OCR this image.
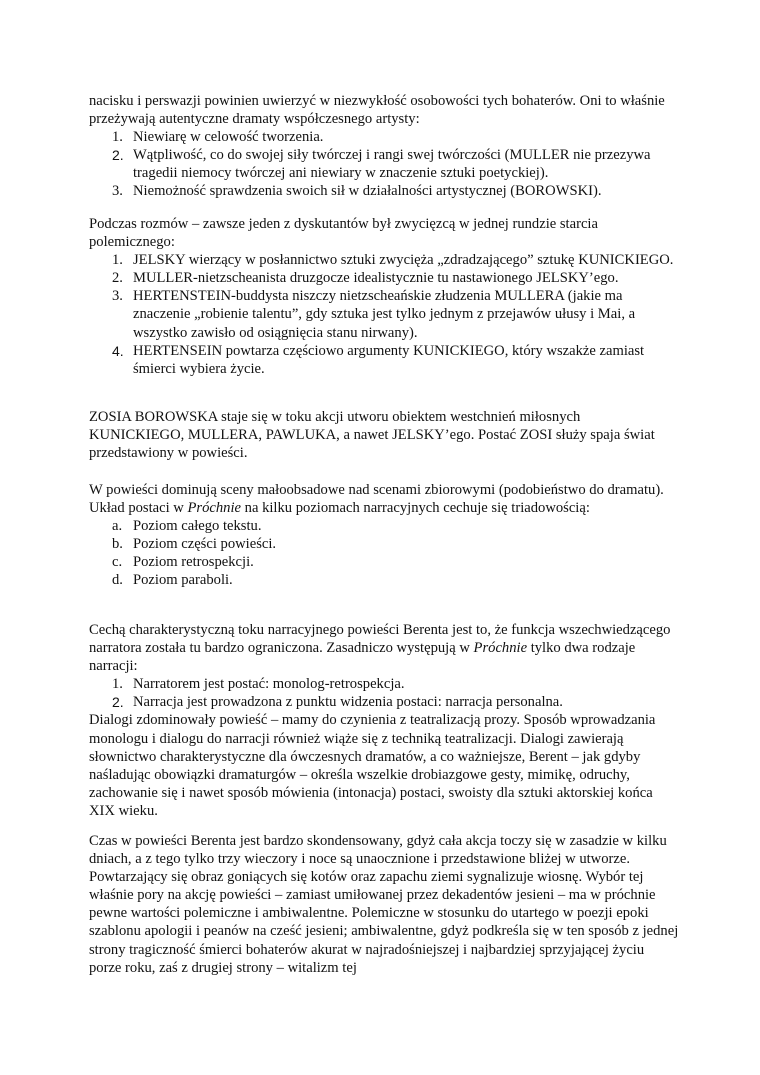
nacisku i perswazji powinien uwierzyć w niezwykłość osobowości tych bohaterów. Oni to właśnie przeżywają autentyczne dramaty współczesnego artysty:

1. Niewiarę w celowość tworzenia.
2. Wątpliwość, co do swojej siły twórczej i rangi swej twórczości (MULLER nie przezywa tragedii niemocy twórczej ani niewiary w znaczenie sztuki poetyckiej).
3. Niemożność sprawdzenia swoich sił w działalności artystycznej (BOROWSKI).

Podczas rozmów – zawsze jeden z dyskutantów był zwycięzcą w jednej rundzie starcia polemicznego:

1. JELSKY wierzący w posłannictwo sztuki zwycięża „zdradzającego” sztukę KUNICKIEGO.
2. MULLER-nietzscheanista druzgocze idealistycznie tu nastawionego JELSKY’ego.
3. HERTENSTEIN-buddysta niszczy nietzscheańskie złudzenia MULLERA (jakie ma znaczenie „robienie talentu”, gdy sztuka jest tylko jednym z przejawów ułusy i Mai, a wszystko zawisło od osiągnięcia stanu nirwany).
4. HERTENSEIN powtarza częściowo argumenty KUNICKIEGO, który wszakże zamiast śmierci wybiera życie.

ZOSIA BOROWSKA staje się w toku akcji utworu obiektem westchnień miłosnych KUNICKIEGO, MULLERA, PAWLUKA, a nawet JELSKY’ego. Postać ZOSI służy spaja świat przedstawiony w powieści.

W powieści dominują sceny małoobsadowe nad scenami zbiorowymi (podobieństwo do dramatu). Układ postaci w Próchnie na kilku poziomach narracyjnych cechuje się triadowością:

a. Poziom całego tekstu.
b. Poziom części powieści.
c. Poziom retrospekcji.
d. Poziom paraboli.

Cechą charakterystyczną toku narracyjnego powieści Berenta jest to, że funkcja wszechwiedzącego narratora została tu bardzo ograniczona. Zasadniczo występują w Próchnie tylko dwa rodzaje narracji:

1. Narratorem jest postać: monolog-retrospekcja.
2. Narracja jest prowadzona z punktu widzenia postaci: narracja personalna.

Dialogi zdominowały powieść – mamy do czynienia z teatralizacją prozy. Sposób wprowadzania monologu i dialogu do narracji również wiąże się z techniką teatralizacji. Dialogi zawierają słownictwo charakterystyczne dla ówczesnych dramatów, a co ważniejsze, Berent – jak gdyby naśladując obowiązki dramaturgów – określa wszelkie drobiazgowe gesty, mimikę, odruchy, zachowanie się i nawet sposób mówienia (intonacja) postaci, swoisty dla sztuki aktorskiej końca XIX wieku.

Czas w powieści Berenta jest bardzo skondensowany, gdyż cała akcja toczy się w zasadzie w kilku dniach, a z tego tylko trzy wieczory i noce są unaocznione i przedstawione bliżej w utworze. Powtarzający się obraz goniących się kotów oraz zapachu ziemi sygnalizuje wiosnę. Wybór tej właśnie pory na akcję powieści – zamiast umiłowanej przez dekadentów jesieni – ma w próchnie pewne wartości polemiczne i ambiwalentne. Polemiczne w stosunku do utartego w poezji epoki szablonu apologii i peanów na cześć jesieni; ambiwalentne, gdyż podkreśla się w ten sposób z jednej strony tragiczność śmierci bohaterów akurat w najradośniejszej i najbardziej sprzyjającej życiu porze roku, zaś z drugiej strony – witalizm tej
